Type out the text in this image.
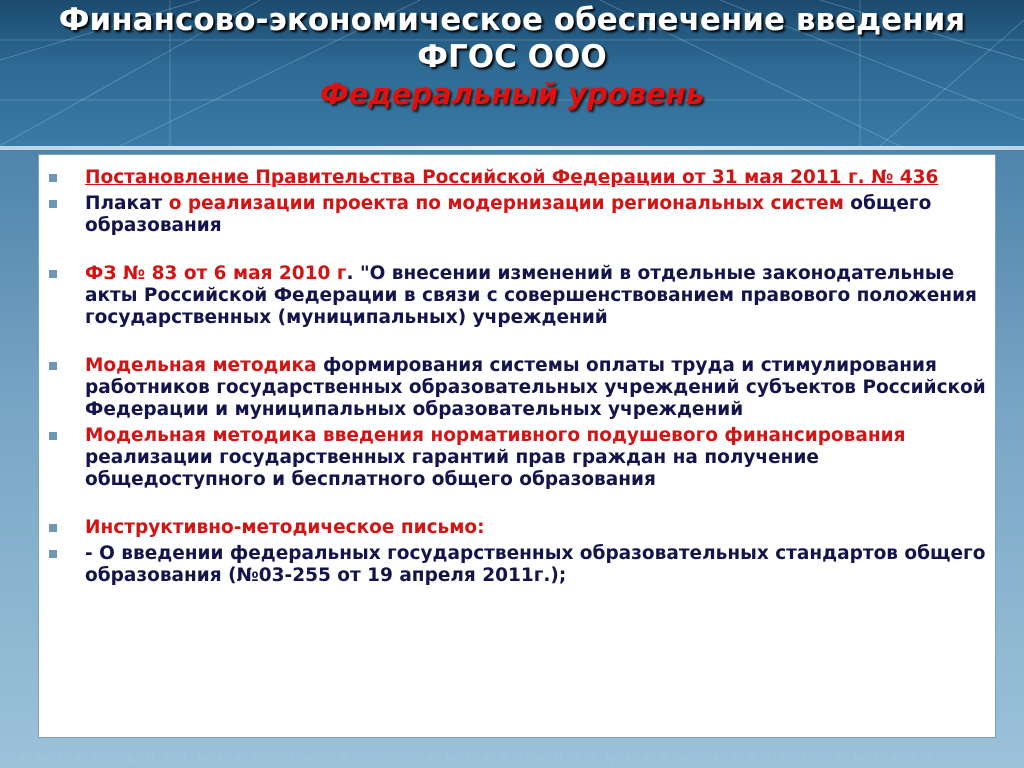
Финансово-экономическое обеспечение введения
ФГОС ООО
Федеральный уровень
Постановление Правительства Российской Федерации от 31 мая 2011 г. № 436
Плакат о реализации проекта по модернизации региональных систем общего образования
ФЗ № 83 от 6 мая 2010 г. "О внесении изменений в отдельные законодательные акты Российской Федерации в связи с совершенствованием правового положения государственных (муниципальных) учреждений
Модельная методика формирования системы оплаты труда и стимулирования работников государственных образовательных учреждений субъектов Российской Федерации и муниципальных образовательных учреждений
Модельная методика введения нормативного подушевого финансирования реализации государственных гарантий прав граждан на получение общедоступного и бесплатного общего образования
Инструктивно-методическое письмо:
- О введении федеральных государственных образовательных стандартов общего образования (№03-255 от 19 апреля 2011г.);
CENTRALBUSINESSDISTRICTCENTRALBUSINESSDISTRICTCENTRAL
